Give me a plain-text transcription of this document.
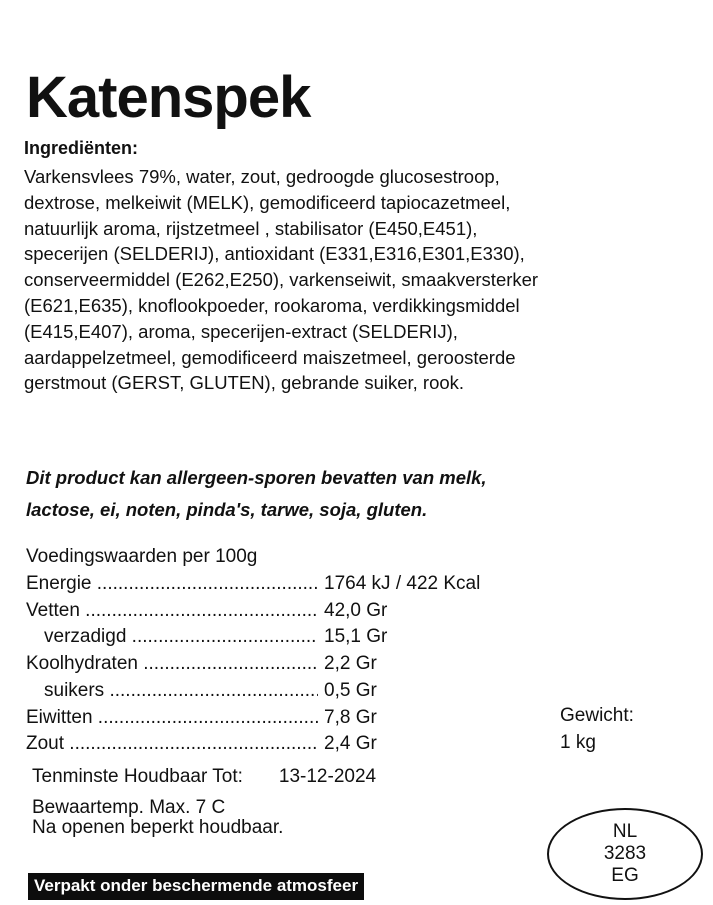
Katenspek

Ingrediënten:

Varkensvlees 79%, water, zout, gedroogde glucosestroop,
dextrose, melkeiwit (MELK), gemodificeerd tapiocazetmeel,
natuurlijk aroma, rijstzetmeel , stabilisator (E450,E451),
specerijen (SELDERIJ), antioxidant (E331,E316,E301,E330),
conserveermiddel (E262,E250), varkenseiwit, smaakversterker
(E621,E635), knoflookpoeder, rookaroma, verdikkingsmiddel
(E415,E407), aroma, specerijen-extract (SELDERIJ),
aardappelzetmeel, gemodificeerd maiszetmeel, geroosterde
gerstmout (GERST, GLUTEN), gebrande suiker, rook.

Dit product kan allergeen-sporen bevatten van melk,
lactose, ei, noten, pinda's, tarwe, soja, gluten.

Voedingswaarden per 100g

Energie .....	1764 kJ / 422 Kcal
Vetten .....	42,0 Gr
verzadigd .....	15,1 Gr
Koolhydraten .....	2,2 Gr
suikers .....	0,5 Gr
Eiwitten .....	7,8 Gr
Zout .....	2,4 Gr
Gewicht:
1 kg
Tenminste Houdbaar Tot: 13-12-2024
Bewaartemp. Max. 7 C
Na openen beperkt houdbaar.	NL
3283
EG
Verpakt onder beschermende atmosfeer
